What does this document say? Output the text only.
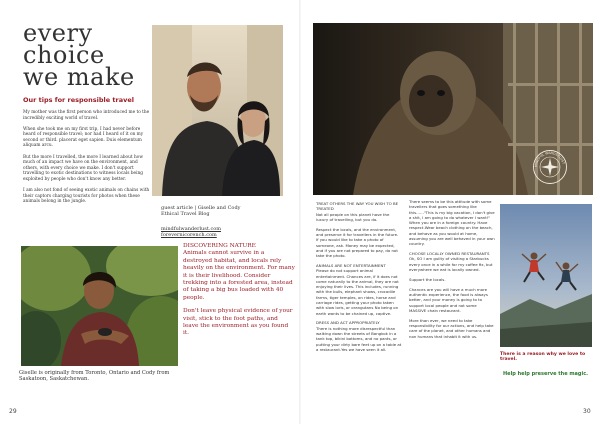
every
choice
we make
Our tips for responsible travel

My mother was the first person who introduced me to the incredibly exciting world of travel.

When she took me on my first trip, I had never before heard of responsible travel; nor had I heard of it on my second or third. placerat eget sapien. Duis elementum aliquam arcu.

But the more I travelled, the more I learned about how much of an impact we have on the environment, and others, with every choice we make. I don't support travelling to exotic destinations to witness locals being exploited by people who don't know any better.

I am also not fond of seeing exotic animals on chains with their captors charging tourists for photos when these animals belong in the jungle.

guest article | Giselle and Cody
Ethical Travel Blog
mindfulwanderlust.com
forevernicorench.com
DISCOVERING NATURE

Animals cannot survive in a destroyed habitat, and locals rely heavily on the environment. For many it is their livelihood. Consider trekking into a forested area, instead of taking a big bus loaded with 40 people.

Don't leave physical evidence of your visit, stick to the foot paths, and leave the environment as you found it.

Giselle is originally from Toronto, Ontario and Cody from Saskatoon, Saskatchewan.
29
MINDFUL WANDERLUST
TREAT OTHERS THE WAY YOU WISH TO BE TREATED

Not all people on this planet have the luxury of travelling, but you do.

Respect the locals, and the environment, and preserve it for travellers in the future. If you would like to take a photo of someone, ask. Money may be expected, and if you are not prepared to pay, do not take the photo.

ANIMALS ARE NOT ENTERTAINMENT

Please do not support animal entertainment. Chances are, if it does not come naturally to the animal, they are not enjoying their lives. This includes, running with the bulls, elephant shows, crocodile farms, tiger temples, on rides, horse and carriage rides, getting your photo taken with slow loris, or orangutans No being on earth wants to be chained up, captive.

DRESS AND ACT APPROPRIATELY

There is nothing more disrespectful than walking down the streets of Bangkok in a tank top, bikini bottoms, and no pants, or putting your dirty bare feet up on a table at a restaurant.Yes we have seen it all.

There seems to be this attitude with some travellers that goes something like this……"This is my big vacation, I don't give a shit, I am going to do whatever I want!" When you are in a foreign country. Have respect.Wear beach clothing on the beach, and behave as you would at home, assuming you are well behaved in your own country.

CHOOSE LOCALLY OWNED RESTAURANTS

Ok, SO I am guilty of visiting a Starbucks every once in a while for my coffee fix, but everywhere we eat is locally owned.

Support the locals.

Chances are you will have a much more authentic experience, the food is always better, and your money is going to to support local people and not some MASSIVE chain restaurant.

More than ever, we need to take responsibility for our actions, and help take care of the planet, and other humans and non humans that inhabit it with us.

There is a reason why we love to travel.
Help help preserve the magic.
30
